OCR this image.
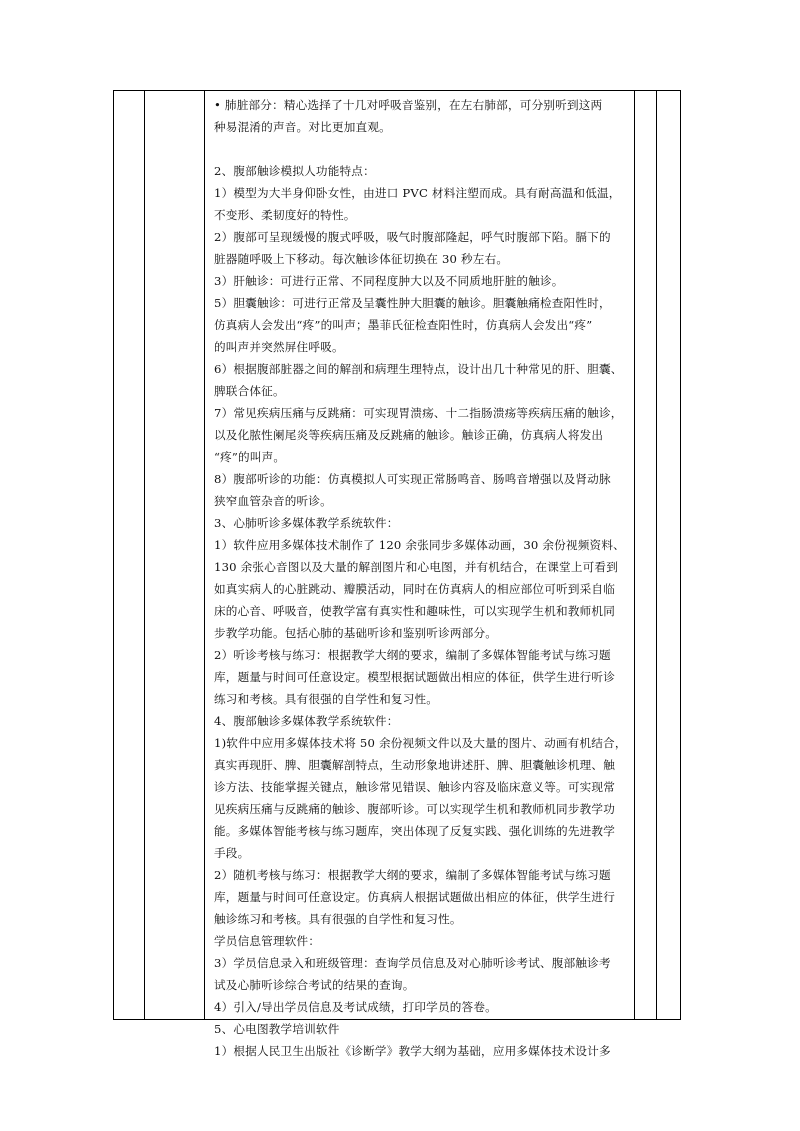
• 肺脏部分：精心选择了十几对呼吸音鉴别，在左右肺部，可分别听到这两
种易混淆的声音。对比更加直观。
2、腹部触诊模拟人功能特点：
1）模型为大半身仰卧女性，由进口 PVC 材料注塑而成。具有耐高温和低温，
不变形、柔韧度好的特性。
2）腹部可呈现缓慢的腹式呼吸，吸气时腹部隆起，呼气时腹部下陷。膈下的
脏器随呼吸上下移动。每次触诊体征切换在 30 秒左右。
3）肝触诊：可进行正常、不同程度肿大以及不同质地肝脏的触诊。
5）胆囊触诊：可进行正常及呈囊性肿大胆囊的触诊。胆囊触痛检查阳性时，
仿真病人会发出“疼”的叫声；墨菲氏征检查阳性时，仿真病人会发出“疼”
的叫声并突然屏住呼吸。
6）根据腹部脏器之间的解剖和病理生理特点，设计出几十种常见的肝、胆囊、
脾联合体征。
7）常见疾病压痛与反跳痛：可实现胃溃疡、十二指肠溃疡等疾病压痛的触诊，
以及化脓性阑尾炎等疾病压痛及反跳痛的触诊。触诊正确，仿真病人将发出
“疼”的叫声。
8）腹部听诊的功能：仿真模拟人可实现正常肠鸣音、肠鸣音增强以及肾动脉
狭窄血管杂音的听诊。
3、心肺听诊多媒体教学系统软件：
1）软件应用多媒体技术制作了 120 余张同步多媒体动画，30 余份视频资料、
130 余张心音图以及大量的解剖图片和心电图，并有机结合，在课堂上可看到
如真实病人的心脏跳动、瓣膜活动，同时在仿真病人的相应部位可听到采自临
床的心音、呼吸音，使教学富有真实性和趣味性，可以实现学生机和教师机同
步教学功能。包括心肺的基础听诊和鉴别听诊两部分。
2）听诊考核与练习：根据教学大纲的要求，编制了多媒体智能考试与练习题
库，题量与时间可任意设定。模型根据试题做出相应的体征，供学生进行听诊
练习和考核。具有很强的自学性和复习性。
4、腹部触诊多媒体教学系统软件：
1)软件中应用多媒体技术将 50 余份视频文件以及大量的图片、动画有机结合，
真实再现肝、脾、胆囊解剖特点，生动形象地讲述肝、脾、胆囊触诊机理、触
诊方法、技能掌握关键点，触诊常见错误、触诊内容及临床意义等。可实现常
见疾病压痛与反跳痛的触诊、腹部听诊。可以实现学生机和教师机同步教学功
能。多媒体智能考核与练习题库，突出体现了反复实践、强化训练的先进教学
手段。
2）随机考核与练习：根据教学大纲的要求，编制了多媒体智能考试与练习题
库，题量与时间可任意设定。仿真病人根据试题做出相应的体征，供学生进行
触诊练习和考核。具有很强的自学性和复习性。
学员信息管理软件：
3）学员信息录入和班级管理：查询学员信息及对心肺听诊考试、腹部触诊考
试及心肺听诊综合考试的结果的查询。
4）引入/导出学员信息及考试成绩，打印学员的答卷。
5、心电图教学培训软件
1）根据人民卫生出版社《诊断学》教学大纲为基础，应用多媒体技术设计多
